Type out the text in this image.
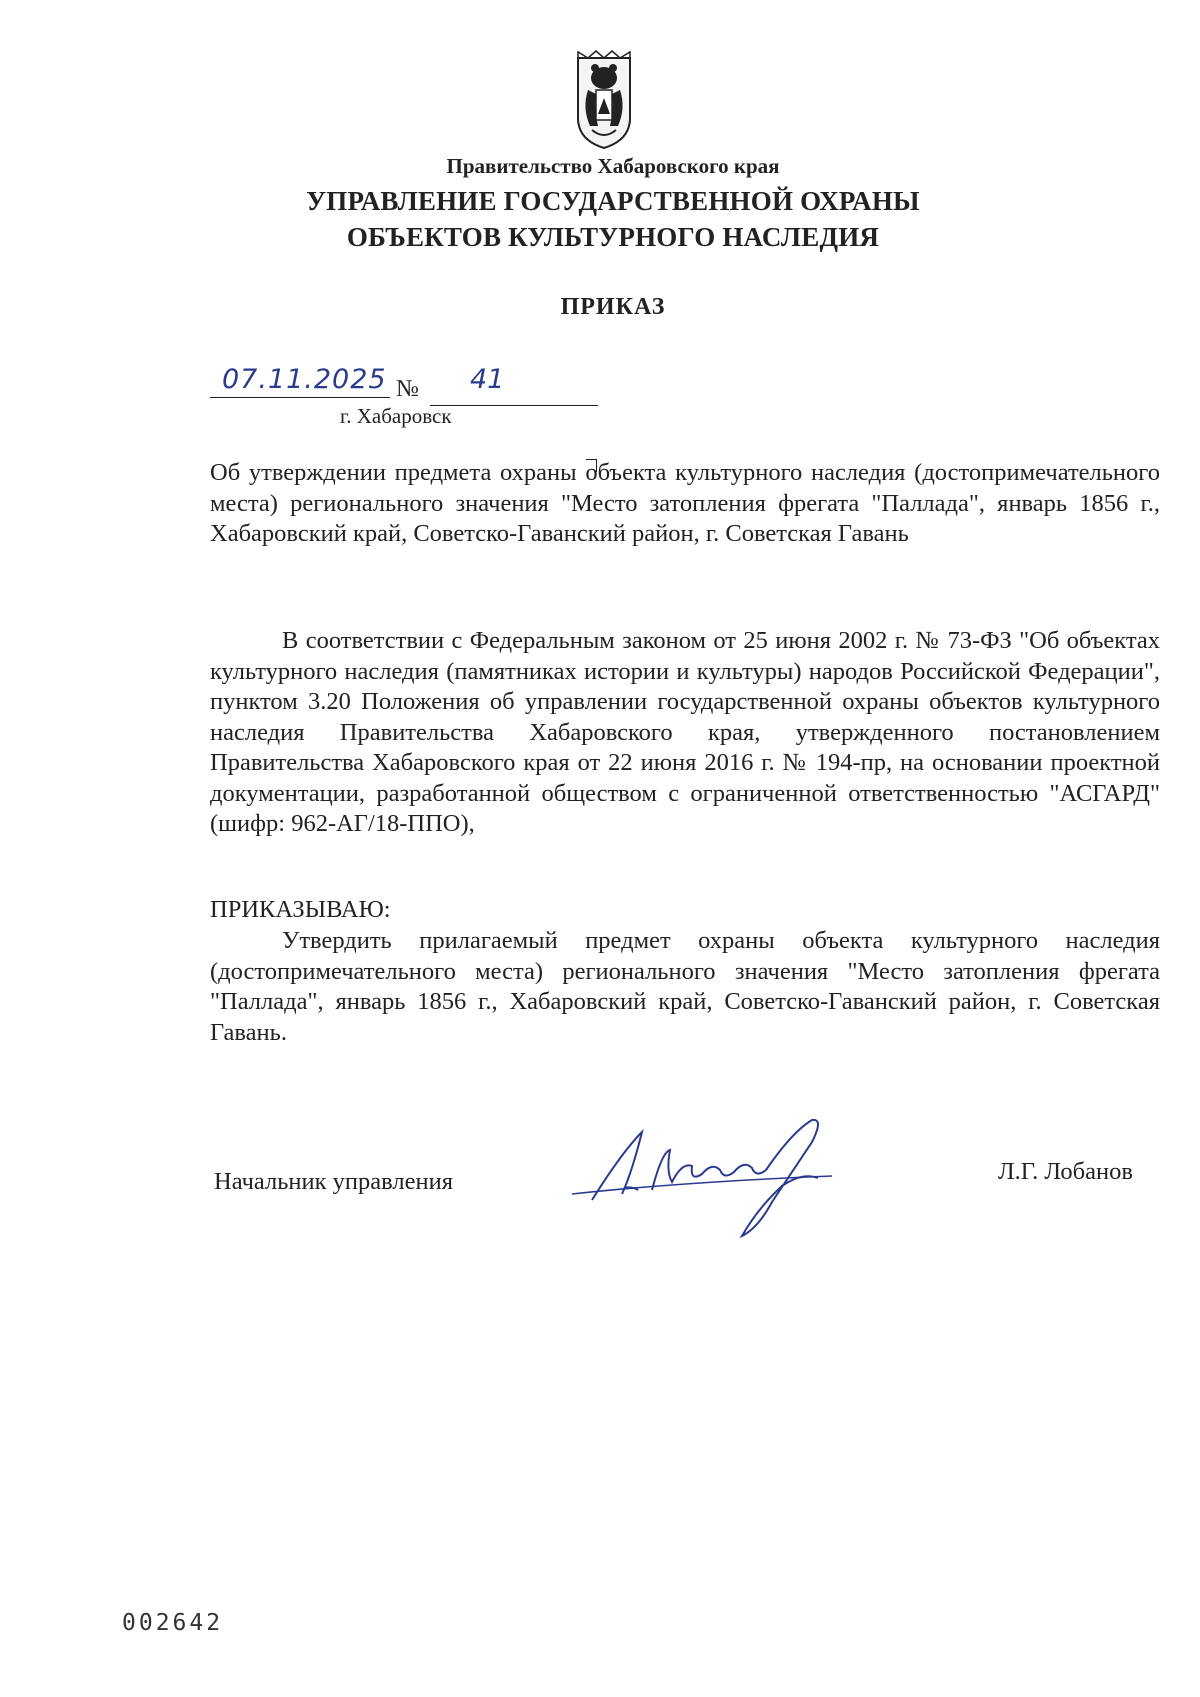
Правительство Хабаровского края
УПРАВЛЕНИЕ ГОСУДАРСТВЕННОЙ ОХРАНЫ
ОБЪЕКТОВ КУЛЬТУРНОГО НАСЛЕДИЯ
ПРИКАЗ
07.11.2025 № 41
г. Хабаровск

Об утверждении предмета охраны объекта культурного наследия (достопримечательного места) регионального значения "Место затопления фрегата "Паллада", январь 1856 г., Хабаровский край, Советско-Гаванский район, г. Советская Гавань

В соответствии с Федеральным законом от 25 июня 2002 г. № 73-ФЗ "Об объектах культурного наследия (памятниках истории и культуры) народов Российской Федерации", пунктом 3.20 Положения об управлении государственной охраны объектов культурного наследия Правительства Хабаровского края, утвержденного постановлением Правительства Хабаровского края от 22 июня 2016 г. № 194-пр, на основании проектной документации, разработанной обществом с ограниченной ответственностью "АСГАРД" (шифр: 962-АГ/18-ППО),

ПРИКАЗЫВАЮ:

Утвердить прилагаемый предмет охраны объекта культурного наследия (достопримечательного места) регионального значения "Место затопления фрегата "Паллада", январь 1856 г., Хабаровский край, Советско-Гаванский район, г. Советская Гавань.

Начальник управления	Л.Г. Лобанов
002642
